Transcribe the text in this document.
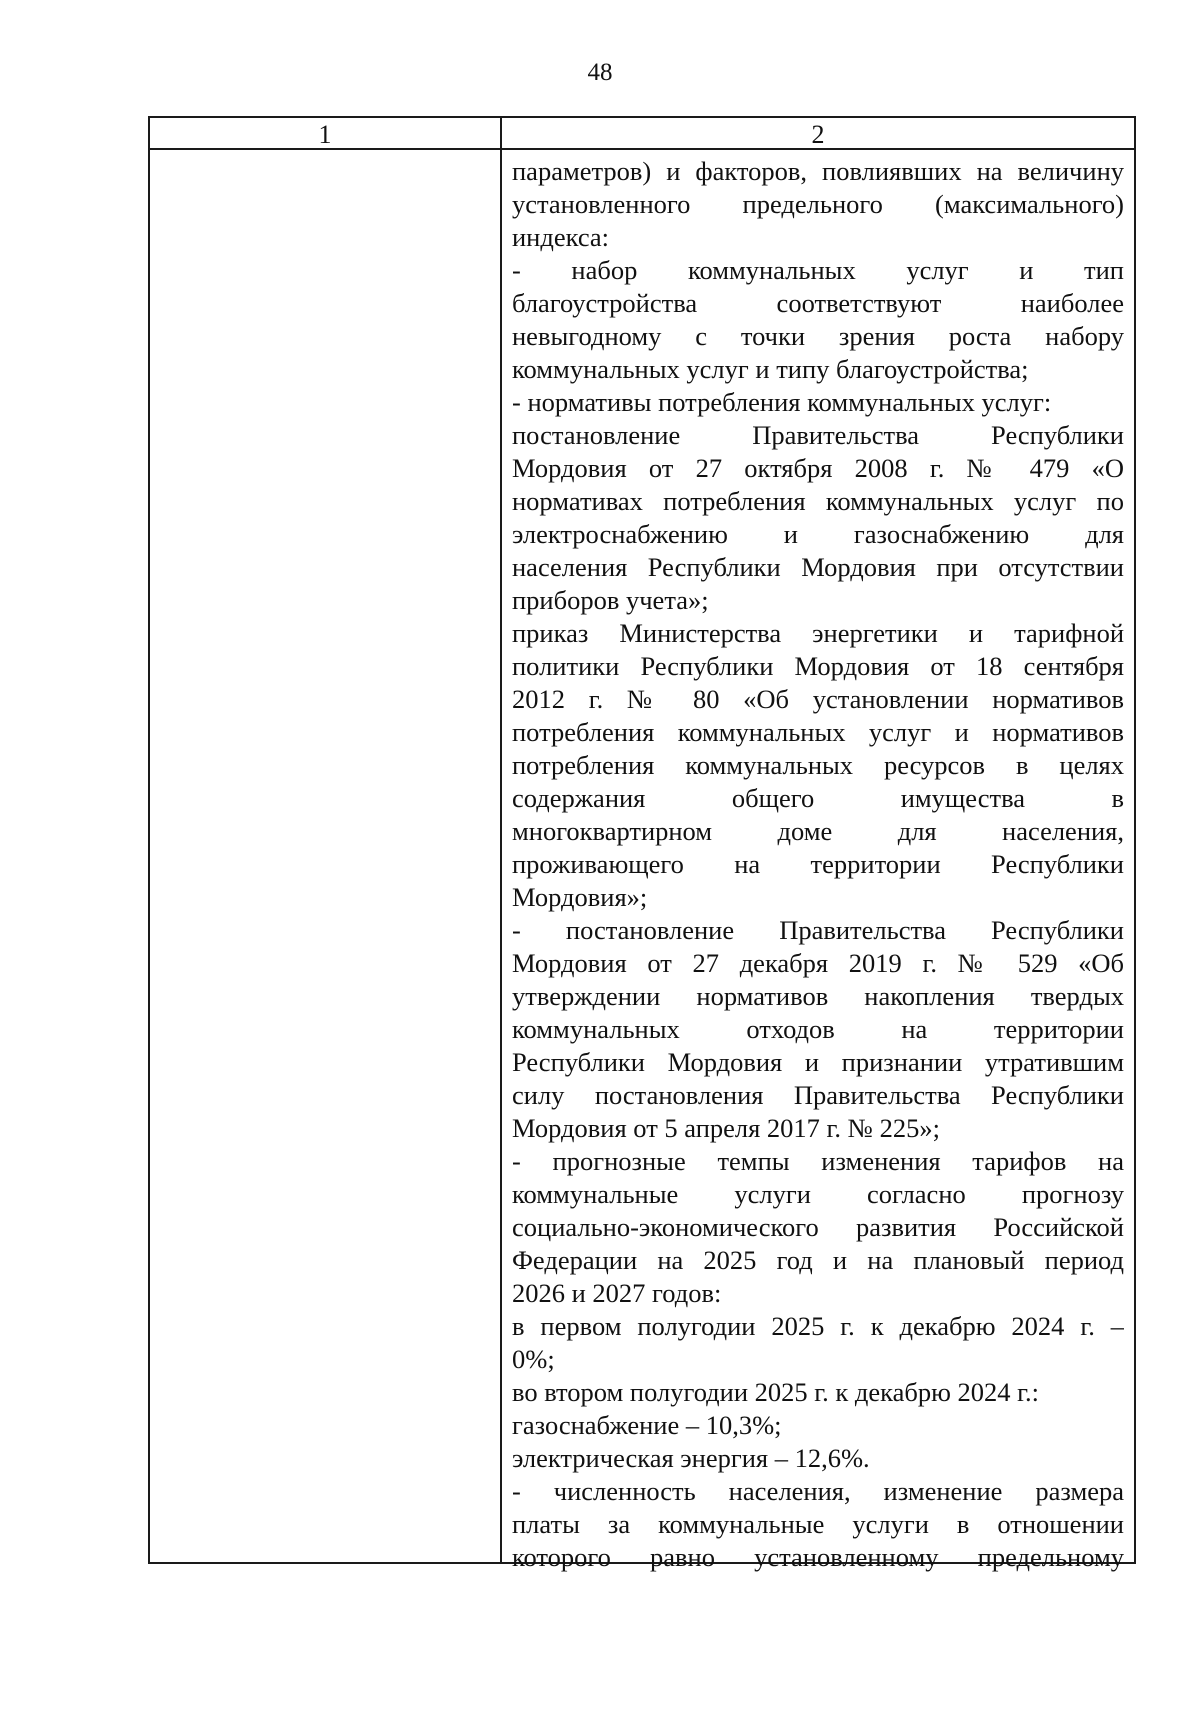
48
1	2
параметров) и факторов, повлиявших на величину
установленного предельного (максимального)
индекса:
- набор коммунальных услуг и тип
благоустройства соответствуют наиболее
невыгодному с точки зрения роста набору
коммунальных услуг и типу благоустройства;
- нормативы потребления коммунальных услуг:
постановление Правительства Республики
Мордовия от 27 октября 2008 г. № 479 «О
нормативах потребления коммунальных услуг по
электроснабжению и газоснабжению для
населения Республики Мордовия при отсутствии
приборов учета»;
приказ Министерства энергетики и тарифной
политики Республики Мордовия от 18 сентября
2012 г. № 80 «Об установлении нормативов
потребления коммунальных услуг и нормативов
потребления коммунальных ресурсов в целях
содержания общего имущества в
многоквартирном доме для населения,
проживающего на территории Республики
Мордовия»;
- постановление Правительства Республики
Мордовия от 27 декабря 2019 г. № 529 «Об
утверждении нормативов накопления твердых
коммунальных отходов на территории
Республики Мордовия и признании утратившим
силу постановления Правительства Республики
Мордовия от 5 апреля 2017 г. № 225»;
- прогнозные темпы изменения тарифов на
коммунальные услуги согласно прогнозу
социально-экономического развития Российской
Федерации на 2025 год и на плановый период
2026 и 2027 годов:
в первом полугодии 2025 г. к декабрю 2024 г. –
0%;
во втором полугодии 2025 г. к декабрю 2024 г.:
газоснабжение – 10,3%;
электрическая энергия – 12,6%.
- численность населения, изменение размера
платы за коммунальные услуги в отношении
которого равно установленному предельному
